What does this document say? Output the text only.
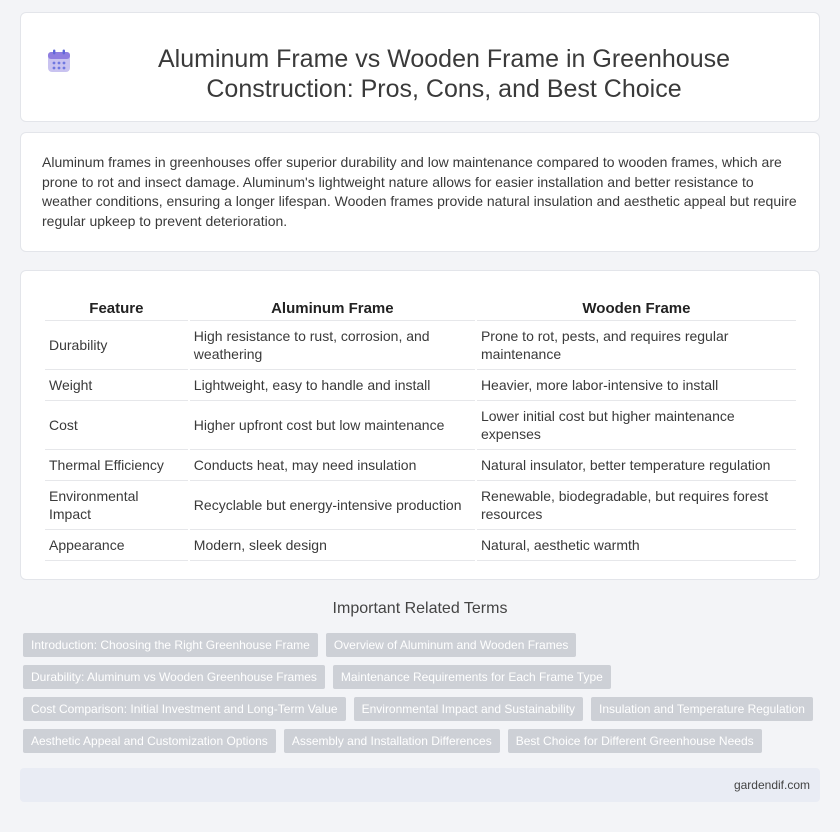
Aluminum Frame vs Wooden Frame in Greenhouse Construction: Pros, Cons, and Best Choice

Aluminum frames in greenhouses offer superior durability and low maintenance compared to wooden frames, which are prone to rot and insect damage. Aluminum's lightweight nature allows for easier installation and better resistance to weather conditions, ensuring a longer lifespan. Wooden frames provide natural insulation and aesthetic appeal but require regular upkeep to prevent deterioration.

Feature	Aluminum Frame	Wooden Frame
Durability	High resistance to rust, corrosion, and weathering	Prone to rot, pests, and requires regular maintenance
Weight	Lightweight, easy to handle and install	Heavier, more labor-intensive to install
Cost	Higher upfront cost but low maintenance	Lower initial cost but higher maintenance expenses
Thermal Efficiency	Conducts heat, may need insulation	Natural insulator, better temperature regulation
Environmental Impact	Recyclable but energy-intensive production	Renewable, biodegradable, but requires forest resources
Appearance	Modern, sleek design	Natural, aesthetic warmth
Important Related Terms
Introduction: Choosing the Right Greenhouse Frame	Overview of Aluminum and Wooden Frames
Durability: Aluminum vs Wooden Greenhouse Frames	Maintenance Requirements for Each Frame Type
Cost Comparison: Initial Investment and Long-Term Value	Environmental Impact and Sustainability	Insulation and Temperature Regulation
Aesthetic Appeal and Customization Options	Assembly and Installation Differences	Best Choice for Different Greenhouse Needs
gardendif.com
